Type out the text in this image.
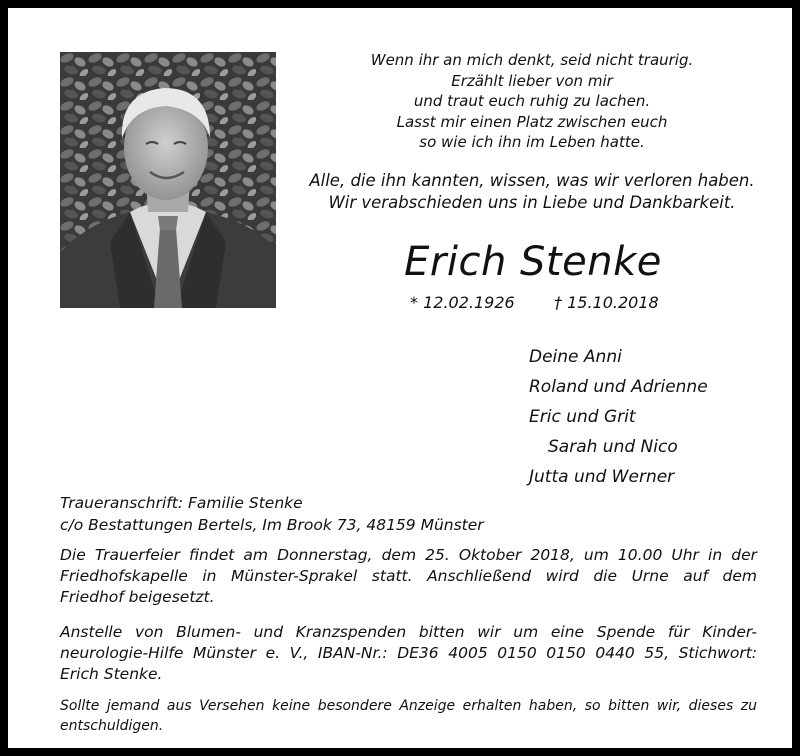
Wenn ihr an mich denkt, seid nicht traurig.
Erzählt lieber von mir
und traut euch ruhig zu lachen.
Lasst mir einen Platz zwischen euch
so wie ich ihn im Leben hatte.
Alle, die ihn kannten, wissen, was wir verloren haben.
Wir verabschieden uns in Liebe und Dankbarkeit.
Erich Stenke
* 12.02.1926 † 15.10.2018
Deine Anni
Roland und Adrienne
Eric und Grit
Sarah und Nico
Jutta und Werner
Traueranschrift: Familie Stenke
c/o Bestattungen Bertels, Im Brook 73, 48159 Münster
Die Trauerfeier findet am Donnerstag, dem 25. Oktober 2018, um 10.00 Uhr in der
Friedhofskapelle in Münster-Sprakel statt. Anschließend wird die Urne auf dem
Friedhof beigesetzt.
Anstelle von Blumen- und Kranzspenden bitten wir um eine Spende für Kinder-
neurologie-Hilfe Münster e. V., IBAN-Nr.: DE36 4005 0150 0150 0440 55, Stichwort:
Erich Stenke.
Sollte jemand aus Versehen keine besondere Anzeige erhalten haben, so bitten wir, dieses zu
entschuldigen.
